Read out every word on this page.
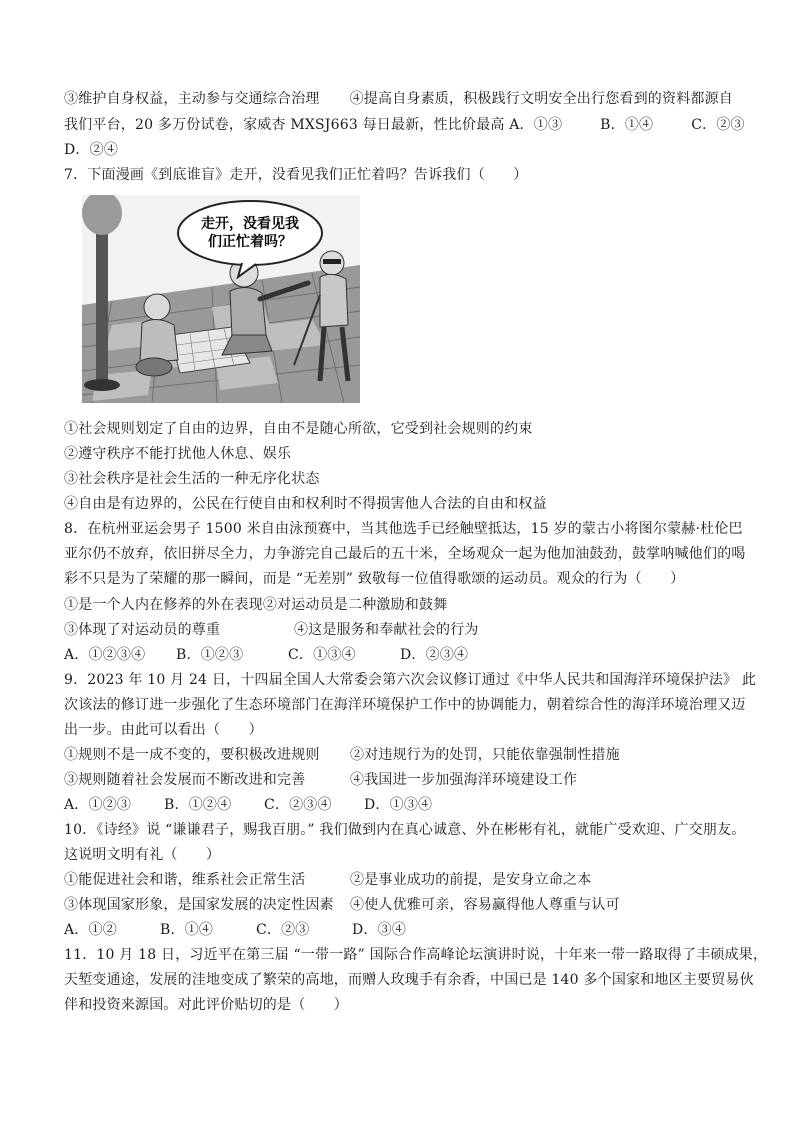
③维护自身权益，主动参与交通综合治理 ④提高自身素质，积极践行文明安全出行您看到的资料都源自
我们平台，20 多万份试卷，家威杏 MXSJ663 每日最新，性比价最高 A．①③	B．①④	C．②③
D．②④
7．下面漫画《到底谁盲》走开，没看见我们正忙着吗？告诉我们（　　）
走开，没看见我
们正忙着吗？
①社会规则划定了自由的边界，自由不是随心所欲，它受到社会规则的约束
②遵守秩序不能打扰他人休息、娱乐
③社会秩序是社会生活的一种无序化状态
④自由是有边界的，公民在行使自由和权利时不得损害他人合法的自由和权益
8．在杭州亚运会男子 1500 米自由泳预赛中，当其他选手已经触壁抵达，15 岁的蒙古小将图尔蒙赫·杜伦巴
亚尔仍不放弃，依旧拼尽全力，力争游完自己最后的五十米，全场观众一起为他加油鼓劲，鼓掌呐喊他们的喝
彩不只是为了荣耀的那一瞬间，而是 “无差别” 致敬每一位值得歌颂的运动员。观众的行为（　　）
①是一个人内在修养的外在表现②对运动员是二种激励和鼓舞
③体现了对运动员的尊重	④这是服务和奉献社会的行为
A．①②③④ B．①②③	C．①③④	D．②③④
9．2023 年 10 月 24 日，十四届全国人大常委会第六次会议修订通过《中华人民共和国海洋环境保护法》 此
次该法的修订进一步强化了生态环境部门在海洋环境保护工作中的协调能力，朝着综合性的海洋环境治理又迈
出一步。由此可以看出（　　）
①规则不是一成不变的，要积极改进规则 ②对违规行为的处罚，只能依靠强制性措施
③规则随着社会发展而不断改进和完善	④我国进一步加强海洋环境建设工作
A．①②③ B．①②④ C．②③④ D．①③④
10．《诗经》说 “谦谦君子，赐我百朋。” 我们做到内在真心诚意、外在彬彬有礼，就能广受欢迎、广交朋友。
这说明文明有礼（　　）
①能促进社会和谐，维系社会正常生活	②是事业成功的前提，是安身立命之本
③体现国家形象，是国家发展的决定性因素 ④使人优雅可亲，容易赢得他人尊重与认可
A．①②	B．①④	C．②③	D．③④
11．10 月 18 日，习近平在第三届 “一带一路” 国际合作高峰论坛演讲时说，十年来一带一路取得了丰硕成果，
天堑变通途，发展的洼地变成了繁荣的高地，而赠人玫瑰手有余香，中国已是 140 多个国家和地区主要贸易伙
伴和投资来源国。对此评价贴切的是（　　）
